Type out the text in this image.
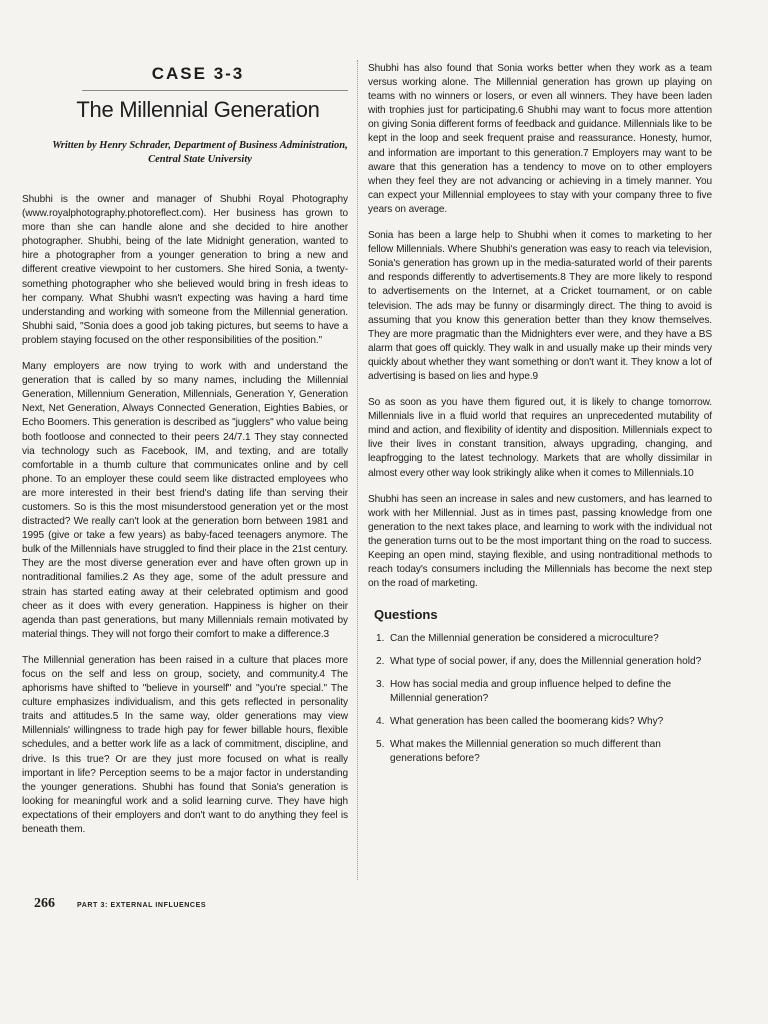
CASE 3-3
The Millennial Generation
Written by Henry Schrader, Department of Business Administration, Central State University

Shubhi is the owner and manager of Shubhi Royal Photography (www.royalphotography.photoreflect.com). Her business has grown to more than she can handle alone and she decided to hire another photographer. Shubhi, being of the late Midnight generation, wanted to hire a photographer from a younger generation to bring a new and different creative viewpoint to her customers. She hired Sonia, a twenty-something photographer who she believed would bring in fresh ideas to her company. What Shubhi wasn't expecting was having a hard time understanding and working with someone from the Millennial generation. Shubhi said, "Sonia does a good job taking pictures, but seems to have a problem staying focused on the other responsibilities of the position."

Many employers are now trying to work with and understand the generation that is called by so many names, including the Millennial Generation, Millennium Generation, Millennials, Generation Y, Generation Next, Net Generation, Always Connected Generation, Eighties Babies, or Echo Boomers. This generation is described as "jugglers" who value being both footloose and connected to their peers 24/7.1 They stay connected via technology such as Facebook, IM, and texting, and are totally comfortable in a thumb culture that communicates online and by cell phone. To an employer these could seem like distracted employees who are more interested in their best friend's dating life than serving their customers. So is this the most misunderstood generation yet or the most distracted? We really can't look at the generation born between 1981 and 1995 (give or take a few years) as baby-faced teenagers anymore. The bulk of the Millennials have struggled to find their place in the 21st century. They are the most diverse generation ever and have often grown up in nontraditional families.2 As they age, some of the adult pressure and strain has started eating away at their celebrated optimism and good cheer as it does with every generation. Happiness is higher on their agenda than past generations, but many Millennials remain motivated by material things. They will not forgo their comfort to make a difference.3

The Millennial generation has been raised in a culture that places more focus on the self and less on group, society, and community.4 The aphorisms have shifted to "believe in yourself" and "you're special." The culture emphasizes individualism, and this gets reflected in personality traits and attitudes.5 In the same way, older generations may view Millennials' willingness to trade high pay for fewer billable hours, flexible schedules, and a better work life as a lack of commitment, discipline, and drive. Is this true? Or are they just more focused on what is really important in life? Perception seems to be a major factor in understanding the younger generations. Shubhi has found that Sonia's generation is looking for meaningful work and a solid learning curve. They have high expectations of their employers and don't want to do anything they feel is beneath them.

Shubhi has also found that Sonia works better when they work as a team versus working alone. The Millennial generation has grown up playing on teams with no winners or losers, or even all winners. They have been laden with trophies just for participating.6 Shubhi may want to focus more attention on giving Sonia different forms of feedback and guidance. Millennials like to be kept in the loop and seek frequent praise and reassurance. Honesty, humor, and information are important to this generation.7 Employers may want to be aware that this generation has a tendency to move on to other employers when they feel they are not advancing or achieving in a timely manner. You can expect your Millennial employees to stay with your company three to five years on average.

Sonia has been a large help to Shubhi when it comes to marketing to her fellow Millennials. Where Shubhi's generation was easy to reach via television, Sonia's generation has grown up in the media-saturated world of their parents and responds differently to advertisements.8 They are more likely to respond to advertisements on the Internet, at a Cricket tournament, or on cable television. The ads may be funny or disarmingly direct. The thing to avoid is assuming that you know this generation better than they know themselves. They are more pragmatic than the Midnighters ever were, and they have a BS alarm that goes off quickly. They walk in and usually make up their minds very quickly about whether they want something or don't want it. They know a lot of advertising is based on lies and hype.9

So as soon as you have them figured out, it is likely to change tomorrow. Millennials live in a fluid world that requires an unprecedented mutability of mind and action, and flexibility of identity and disposition. Millennials expect to live their lives in constant transition, always upgrading, changing, and leapfrogging to the latest technology. Markets that are wholly dissimilar in almost every other way look strikingly alike when it comes to Millennials.10

Shubhi has seen an increase in sales and new customers, and has learned to work with her Millennial. Just as in times past, passing knowledge from one generation to the next takes place, and learning to work with the individual not the generation turns out to be the most important thing on the road to success. Keeping an open mind, staying flexible, and using nontraditional methods to reach today's consumers including the Millennials has become the next step on the road of marketing.

Questions
1. Can the Millennial generation be considered a microculture?
2. What type of social power, if any, does the Millennial generation hold?
3. How has social media and group influence helped to define the Millennial generation?
4. What generation has been called the boomerang kids? Why?
5. What makes the Millennial generation so much different than generations before?
266	PART 3: EXTERNAL INFLUENCES
